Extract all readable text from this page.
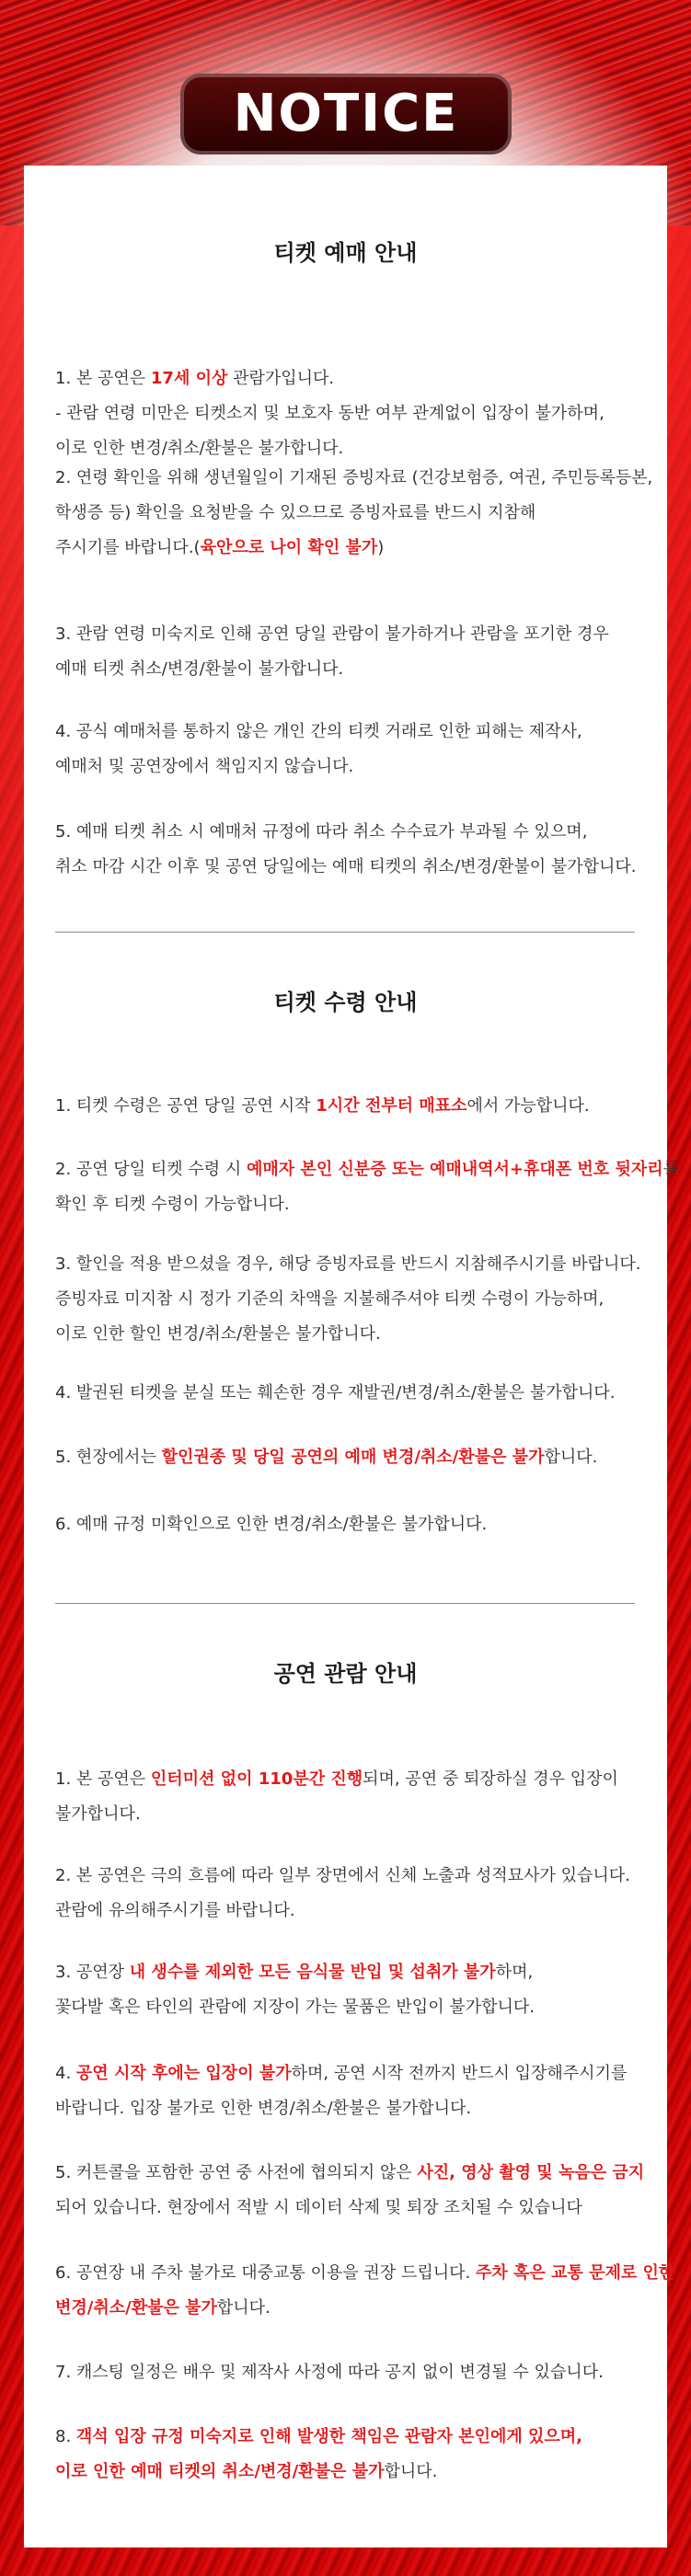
NOTICE
티켓 예매 안내
1. 본 공연은 17세 이상 관람가입니다.
- 관람 연령 미만은 티켓소지 및 보호자 동반 여부 관계없이 입장이 불가하며,
이로 인한 변경/취소/환불은 불가합니다.
2. 연령 확인을 위해 생년월일이 기재된 증빙자료 (건강보험증, 여권, 주민등록등본,
학생증 등) 확인을 요청받을 수 있으므로 증빙자료를 반드시 지참해
주시기를 바랍니다.(육안으로 나이 확인 불가)
3. 관람 연령 미숙지로 인해 공연 당일 관람이 불가하거나 관람을 포기한 경우
예매 티켓 취소/변경/환불이 불가합니다.
4. 공식 예매처를 통하지 않은 개인 간의 티켓 거래로 인한 피해는 제작사,
예매처 및 공연장에서 책임지지 않습니다.
5. 예매 티켓 취소 시 예매처 규정에 따라 취소 수수료가 부과될 수 있으며,
취소 마감 시간 이후 및 공연 당일에는 예매 티켓의 취소/변경/환불이 불가합니다.
티켓 수령 안내
1. 티켓 수령은 공연 당일 공연 시작 1시간 전부터 매표소에서 가능합니다.
2. 공연 당일 티켓 수령 시 예매자 본인 신분증 또는 예매내역서+휴대폰 번호 뒷자리를
확인 후 티켓 수령이 가능합니다.
3. 할인을 적용 받으셨을 경우, 해당 증빙자료를 반드시 지참해주시기를 바랍니다.
증빙자료 미지참 시 정가 기준의 차액을 지불해주셔야 티켓 수령이 가능하며,
이로 인한 할인 변경/취소/환불은 불가합니다.
4. 발권된 티켓을 분실 또는 훼손한 경우 재발권/변경/취소/환불은 불가합니다.
5. 현장에서는 할인권종 및 당일 공연의 예매 변경/취소/환불은 불가합니다.
6. 예매 규정 미확인으로 인한 변경/취소/환불은 불가합니다.
공연 관람 안내
1. 본 공연은 인터미션 없이 110분간 진행되며, 공연 중 퇴장하실 경우 입장이
불가합니다.
2. 본 공연은 극의 흐름에 따라 일부 장면에서 신체 노출과 성적묘사가 있습니다.
관람에 유의해주시기를 바랍니다.
3. 공연장 내 생수를 제외한 모든 음식물 반입 및 섭취가 불가하며,
꽃다발 혹은 타인의 관람에 지장이 가는 물품은 반입이 불가합니다.
4. 공연 시작 후에는 입장이 불가하며, 공연 시작 전까지 반드시 입장해주시기를
바랍니다. 입장 불가로 인한 변경/취소/환불은 불가합니다.
5. 커튼콜을 포함한 공연 중 사전에 협의되지 않은 사진, 영상 촬영 및 녹음은 금지
되어 있습니다. 현장에서 적발 시 데이터 삭제 및 퇴장 조치될 수 있습니다
6. 공연장 내 주차 불가로 대중교통 이용을 권장 드립니다. 주차 혹은 교통 문제로 인한
변경/취소/환불은 불가합니다.
7. 캐스팅 일정은 배우 및 제작사 사정에 따라 공지 없이 변경될 수 있습니다.
8. 객석 입장 규정 미숙지로 인해 발생한 책임은 관람자 본인에게 있으며,
이로 인한 예매 티켓의 취소/변경/환불은 불가합니다.
